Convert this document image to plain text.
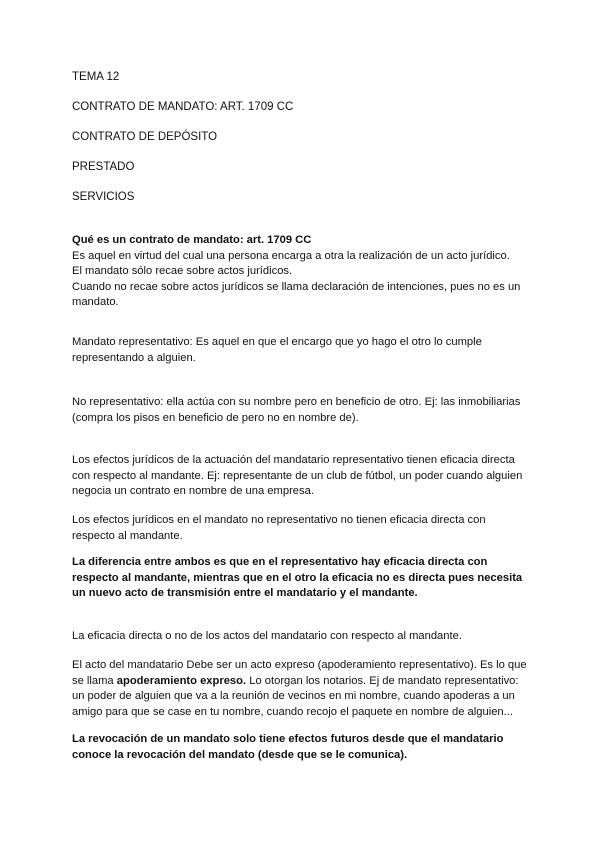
TEMA 12
CONTRATO DE MANDATO: ART. 1709 CC
CONTRATO DE DEPÓSITO
PRESTADO
SERVICIOS

Qué es un contrato de mandato: art. 1709 CC

Es aquel en virtud del cual una persona encarga a otra la realización de un acto jurídico.

El mandato sólo recae sobre actos jurídicos.

Cuando no recae sobre actos jurídicos se llama declaración de intenciones, pues no es un mandato.

Mandato representativo: Es aquel en que el encargo que yo hago el otro lo cumple representando a alguien.
No representativo: ella actúa con su nombre pero en beneficio de otro. Ej: las inmobiliarias (compra los pisos en beneficio de pero no en nombre de).
Los efectos jurídicos de la actuación del mandatario representativo tienen eficacia directa con respecto al mandante. Ej: representante de un club de fútbol, un poder cuando alguien negocia un contrato en nombre de una empresa.
Los efectos jurídicos en el mandato no representativo no tienen eficacia directa con respecto al mandante.
La diferencia entre ambos es que en el representativo hay eficacia directa con respecto al mandante, mientras que en el otro la eficacia no es directa pues necesita un nuevo acto de transmisión entre el mandatario y el mandante.
La eficacia directa o no de los actos del mandatario con respecto al mandante.
El acto del mandatario Debe ser un acto expreso (apoderamiento representativo). Es lo que se llama apoderamiento expreso. Lo otorgan los notarios. Ej de mandato representativo: un poder de alguien que va a la reunión de vecinos en mi nombre, cuando apoderas a un amigo para que se case en tu nombre, cuando recojo el paquete en nombre de alguien...
La revocación de un mandato solo tiene efectos futuros desde que el mandatario conoce la revocación del mandato (desde que se le comunica).
